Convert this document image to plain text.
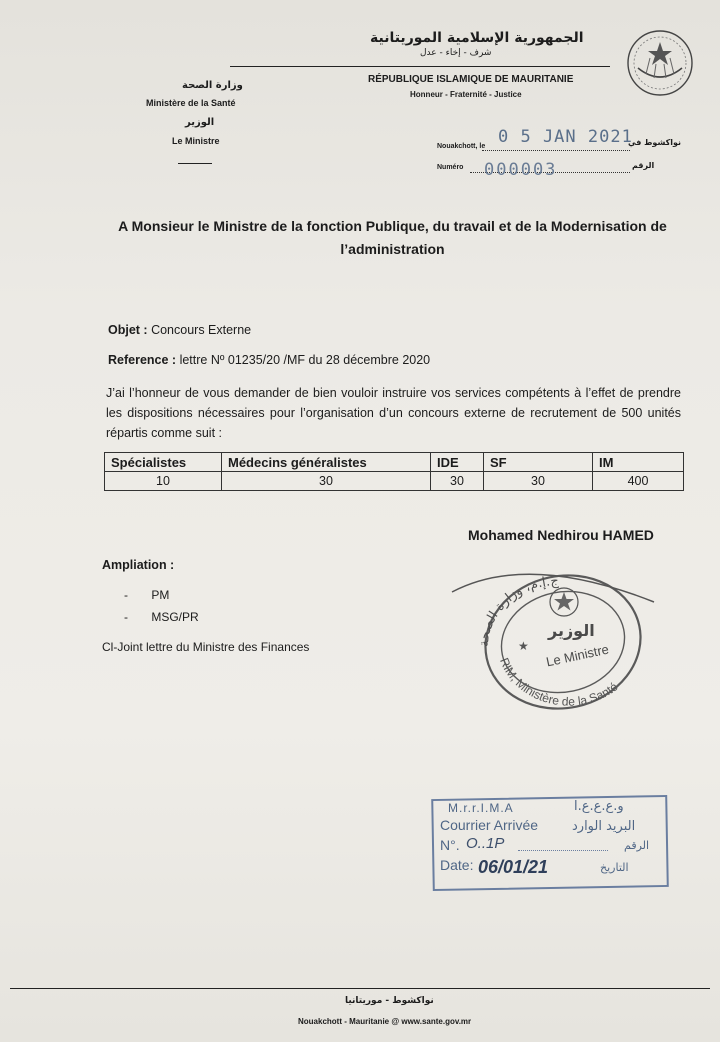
الجمهورية الإسلامية الموريتانية
شرف - إخاء - عدل
RÉPUBLIQUE ISLAMIQUE DE MAURITANIE
Honneur - Fraternité - Justice
وزارة الصحة
Ministère de la Santé
الوزير
Le Ministre
Nouakchott, le 0 5 JAN 2021
نواكشوط في
Numéro 000003	الرقم
A Monsieur le Ministre de la fonction Publique, du travail et de la Modernisation de l’administration
Objet : Concours Externe
Reference : lettre Nº 01235/20 /MF du 28 décembre 2020
J’ai l’honneur de vous demander de bien vouloir instruire vos services compétents à l’effet de prendre les dispositions nécessaires pour l’organisation d’un concours externe de recrutement de 500 unités répartis comme suit :
Spécialistes	Médecins généralistes	IDE	SF	IM
10	30	30	30	400
Mohamed Nedhirou HAMED
Ampliation :
- PM
- MSG/PR
Cl-Joint lettre du Ministre des Finances	ج.إ.م، وزارة الصحة
RIM, Ministère de la Santé
الوزير
Le Ministre
★
M.r.r.I.M.A	و.ع.ع.ع.ا
Courrier Arrivée	البريد الوارد
N°. O..1P	الرقم
Date: 06/01/21	التاريخ
نواكشوط - موريتانيا
Nouakchott - Mauritanie @ www.sante.gov.mr
